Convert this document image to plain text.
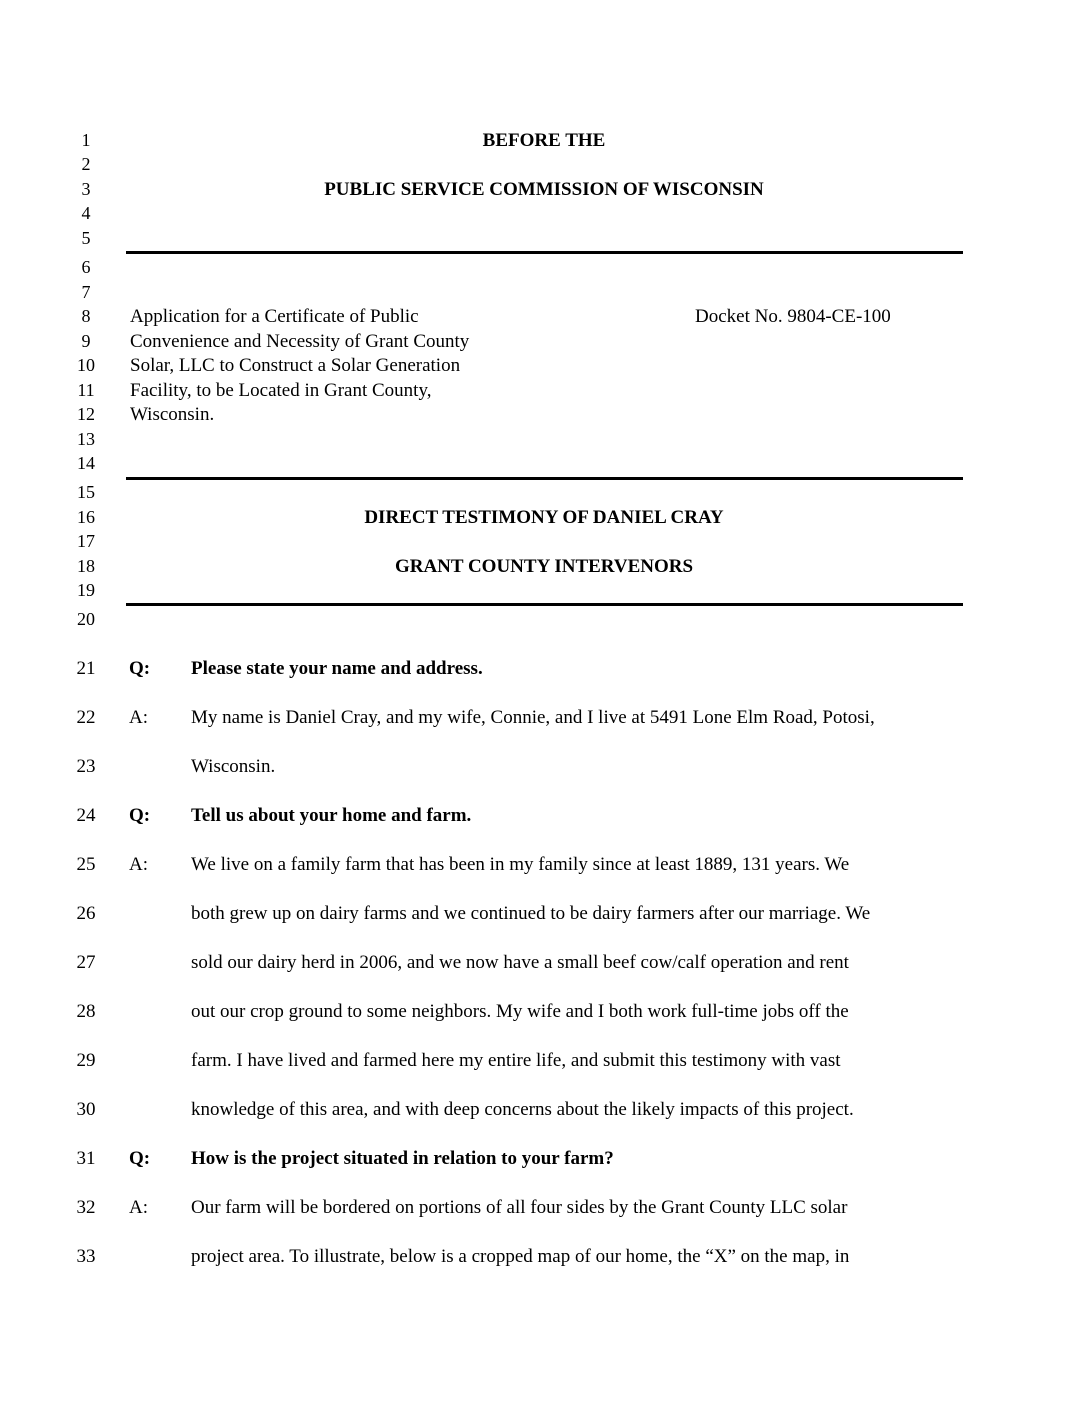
1
2
3
4
5
6
7
8
9
10
11
12
13
14
15
16
17
18
19
20
21
22
23
24
25
26
27
28
29
30
31
32
33
BEFORE THE
PUBLIC SERVICE COMMISSION OF WISCONSIN
Application for a Certificate of Public
Convenience and Necessity of Grant County
Solar, LLC to Construct a Solar Generation
Facility, to be Located in Grant County,
Wisconsin.
Docket No. 9804-CE-100
DIRECT TESTIMONY OF DANIEL CRAY
GRANT COUNTY INTERVENORS
Q: Please state your name and address.
A: My name is Daniel Cray, and my wife, Connie, and I live at 5491 Lone Elm Road, Potosi,
Wisconsin.
Q: Tell us about your home and farm.
A: We live on a family farm that has been in my family since at least 1889, 131 years. We
both grew up on dairy farms and we continued to be dairy farmers after our marriage. We
sold our dairy herd in 2006, and we now have a small beef cow/calf operation and rent
out our crop ground to some neighbors. My wife and I both work full-time jobs off the
farm. I have lived and farmed here my entire life, and submit this testimony with vast
knowledge of this area, and with deep concerns about the likely impacts of this project.
Q: How is the project situated in relation to your farm?
A: Our farm will be bordered on portions of all four sides by the Grant County LLC solar
project area. To illustrate, below is a cropped map of our home, the “X” on the map, in
